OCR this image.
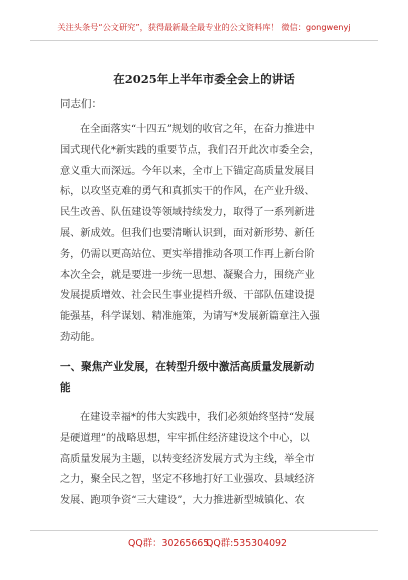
关注头条号“公文研究”，获得最新最全最专业的公文资料库！ 微信：gongwenyj
在2025年上半年市委全会上的讲话
同志们：
在全面落实“十四五”规划的收官之年，在奋力推进中
国式现代化*新实践的重要节点，我们召开此次市委全会，
意义重大而深远。今年以来，全市上下锚定高质量发展目
标，以攻坚克难的勇气和真抓实干的作风，在产业升级、
民生改善、队伍建设等领域持续发力，取得了一系列新进
展、新成效。但我们也要清晰认识到，面对新形势、新任
务，仍需以更高站位、更实举措推动各项工作再上新台阶
本次全会，就是要进一步统一思想、凝聚合力，围绕产业
发展提质增效、社会民生事业提档升级、干部队伍建设提
能强基，科学谋划、精准施策，为请写*发展新篇章注入强
劲动能。
一、聚焦产业发展，在转型升级中激活高质量发展新动
能
在建设幸福*的伟大实践中，我们必须始终坚持“发展
是硬道理”的战略思想，牢牢抓住经济建设这个中心，以
高质量发展为主题，以转变经济发展方式为主线，举全市
之力，聚全民之智，坚定不移地打好工业强攻、县域经济
发展、跑项争资“三大建设”，大力推进新型城镇化、农
QQ群：30265665
QQ群:535304092
